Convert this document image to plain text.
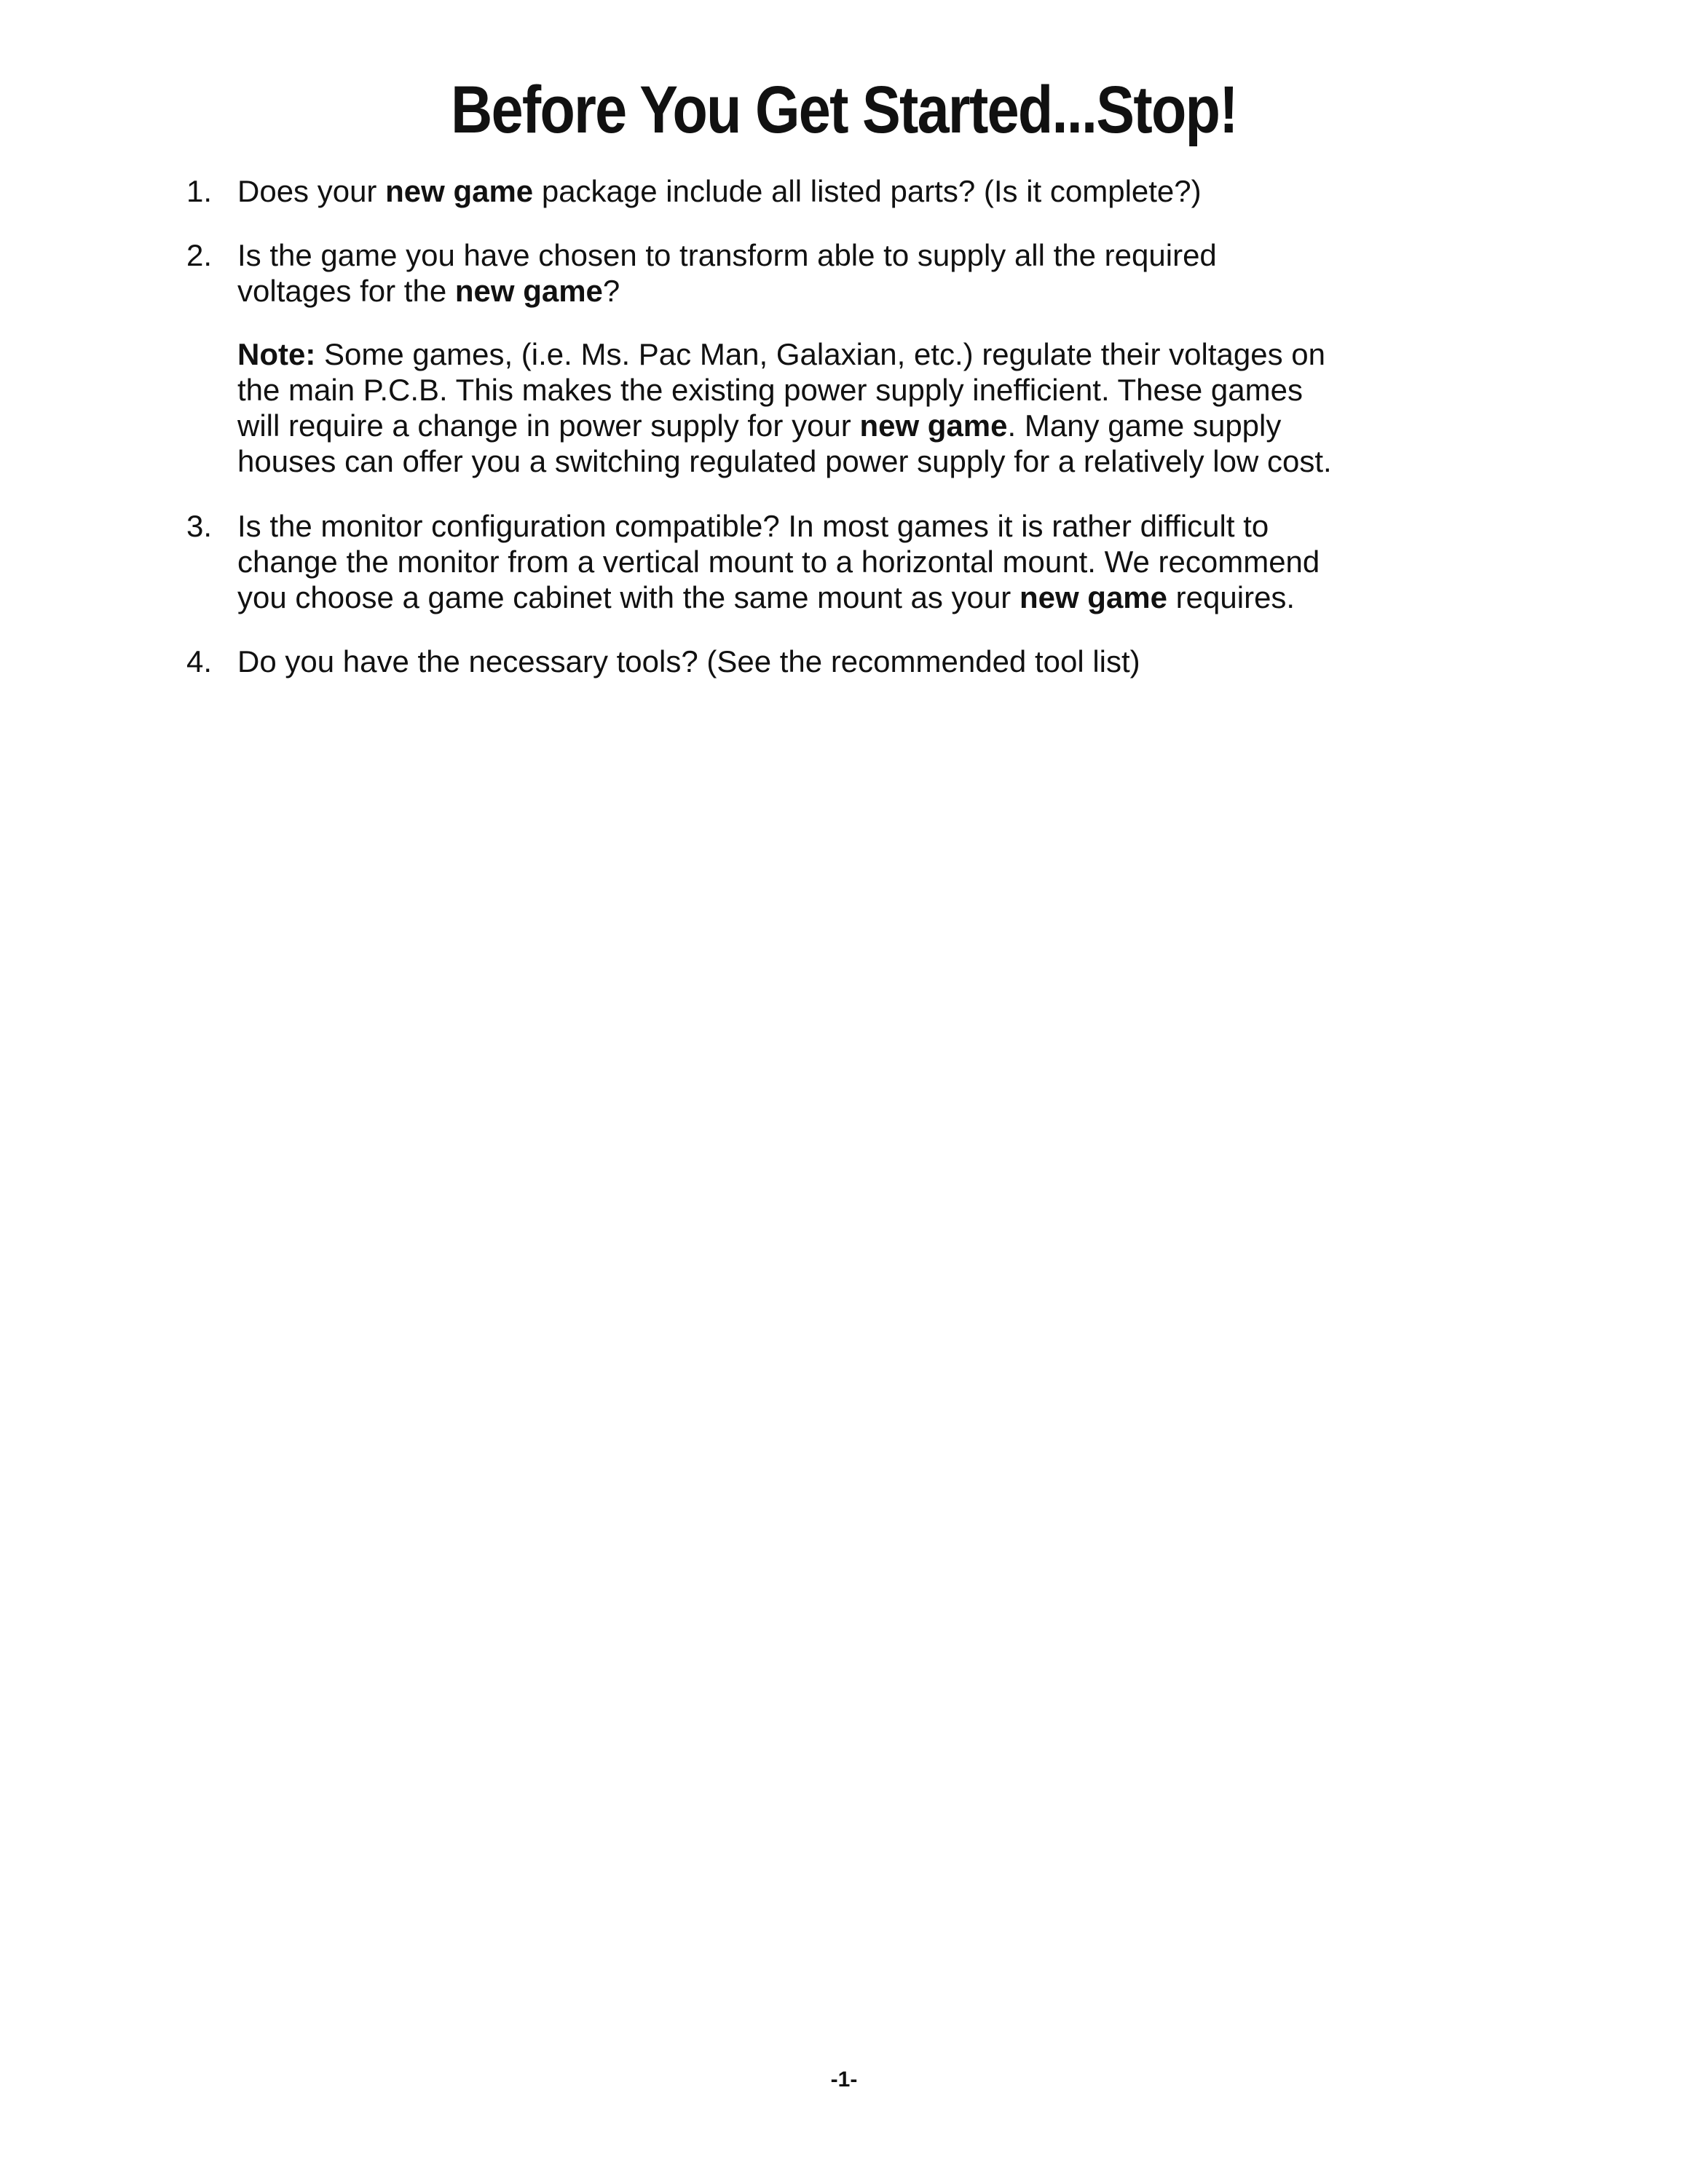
Before You Get Started...Stop!
1. Does your new game package include all listed parts? (Is it complete?)
2. Is the game you have chosen to transform able to supply all the required
voltages for the new game?
Note: Some games, (i.e. Ms. Pac Man, Galaxian, etc.) regulate their voltages on
the main P.C.B. This makes the existing power supply inefficient. These games
will require a change in power supply for your new game. Many game supply
houses can offer you a switching regulated power supply for a relatively low cost.
3. Is the monitor configuration compatible? In most games it is rather difficult to
change the monitor from a vertical mount to a horizontal mount. We recommend
you choose a game cabinet with the same mount as your new game requires.
4. Do you have the necessary tools? (See the recommended tool list)
-1-
